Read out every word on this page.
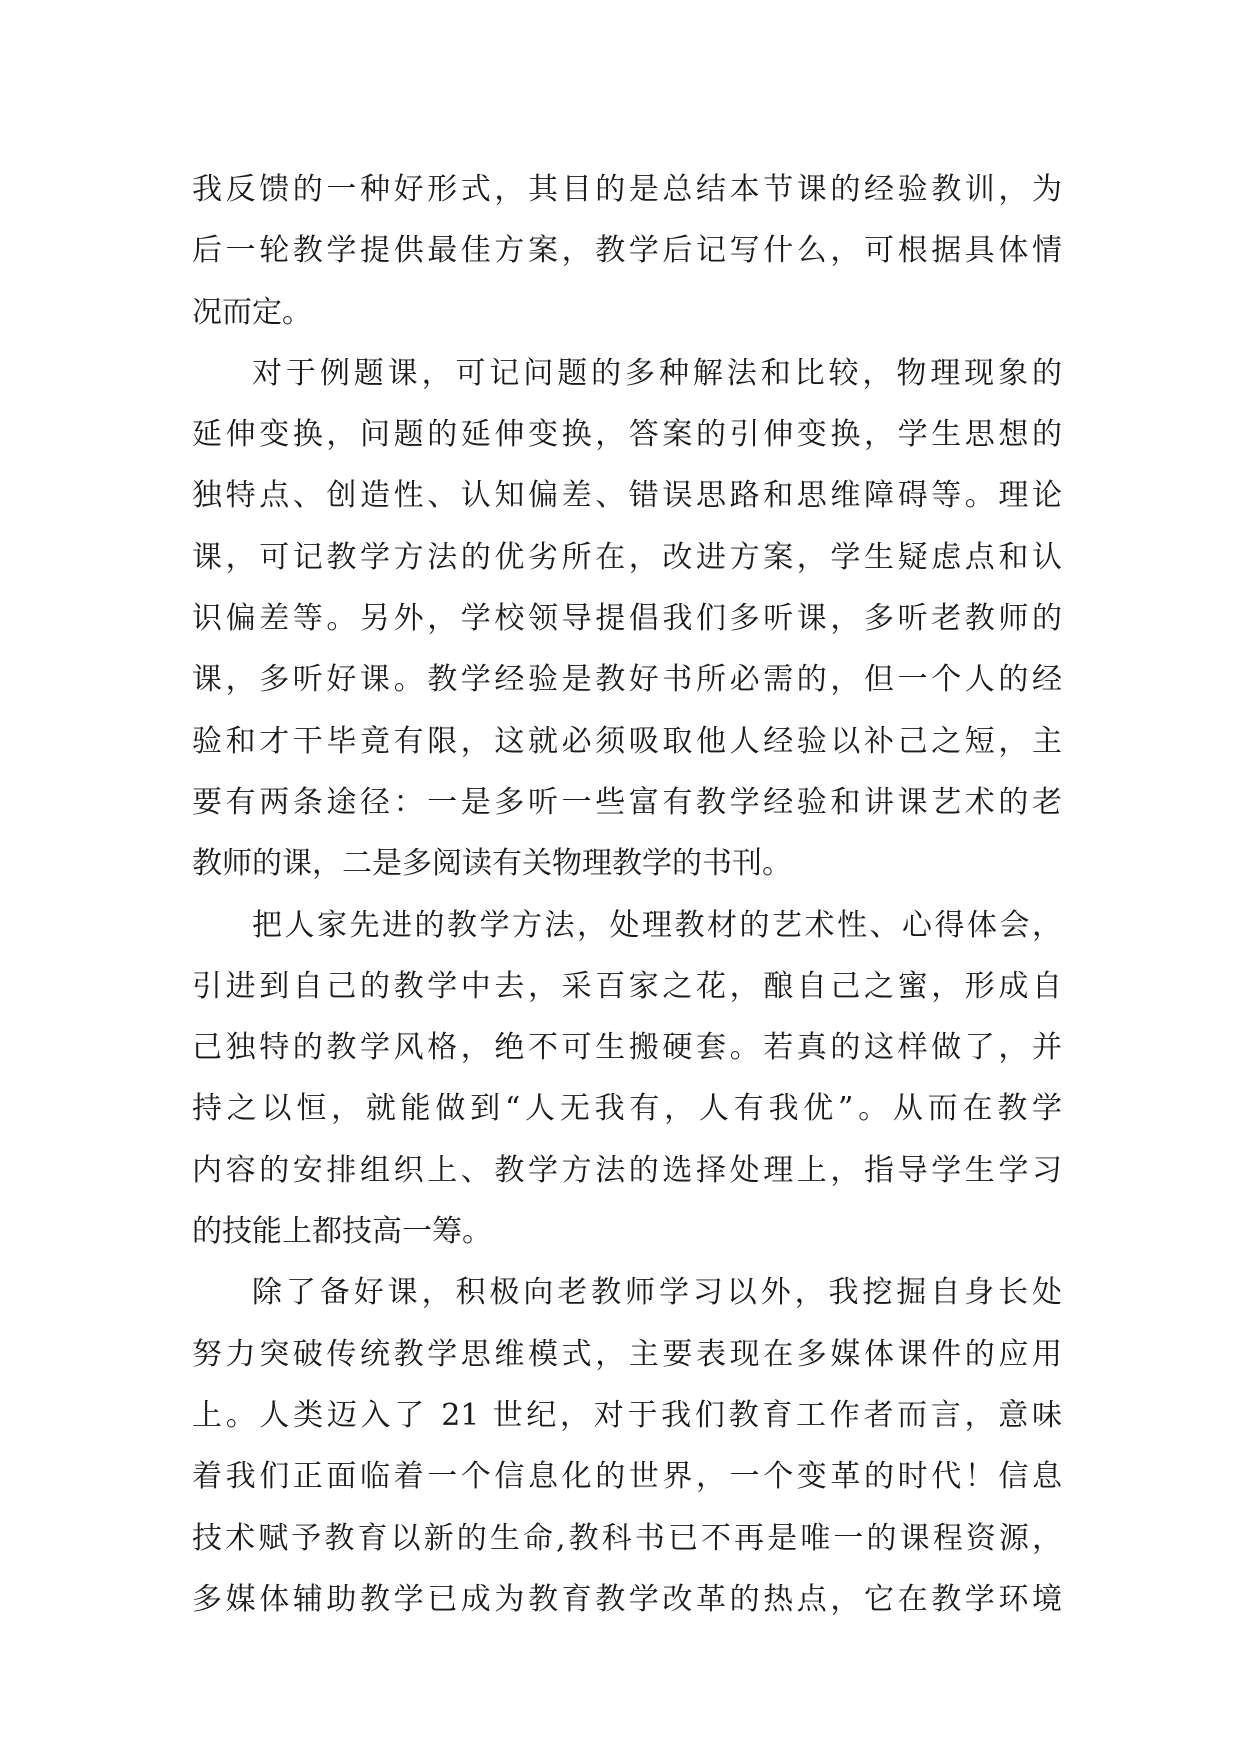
我反馈的一种好形式，其目的是总结本节课的经验教训，为
后一轮教学提供最佳方案，教学后记写什么，可根据具体情
况而定。
对于例题课，可记问题的多种解法和比较，物理现象的
延伸变换，问题的延伸变换，答案的引伸变换，学生思想的
独特点、创造性、认知偏差、错误思路和思维障碍等。理论
课，可记教学方法的优劣所在，改进方案，学生疑虑点和认
识偏差等。另外，学校领导提倡我们多听课，多听老教师的
课，多听好课。教学经验是教好书所必需的，但一个人的经
验和才干毕竟有限，这就必须吸取他人经验以补己之短，主
要有两条途径：一是多听一些富有教学经验和讲课艺术的老
教师的课，二是多阅读有关物理教学的书刊。
把人家先进的教学方法，处理教材的艺术性、心得体会，
引进到自己的教学中去，采百家之花，酿自己之蜜，形成自
己独特的教学风格，绝不可生搬硬套。若真的这样做了，并
持之以恒，就能做到“人无我有，人有我优”。从而在教学
内容的安排组织上、教学方法的选择处理上，指导学生学习
的技能上都技高一筹。
除了备好课，积极向老教师学习以外，我挖掘自身长处
努力突破传统教学思维模式，主要表现在多媒体课件的应用
上。人类迈入了 21 世纪，对于我们教育工作者而言，意味
着我们正面临着一个信息化的世界，一个变革的时代！信息
技术赋予教育以新的生命,教科书已不再是唯一的课程资源，
多媒体辅助教学已成为教育教学改革的热点，它在教学环境
